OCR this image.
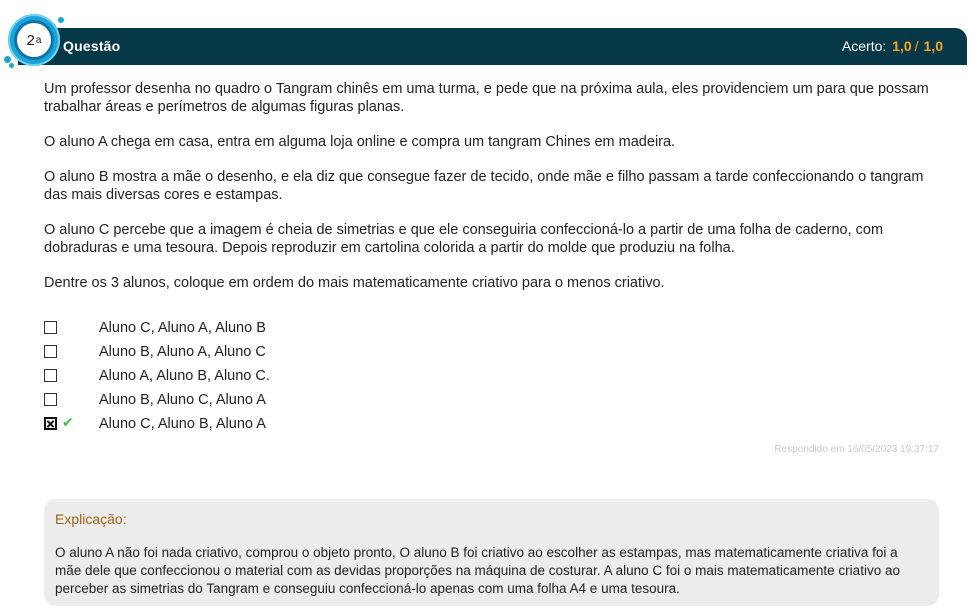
2 a Questão	Acerto: 1,0 / 1,0

Um professor desenha no quadro o Tangram chinês em uma turma, e pede que na próxima aula, eles providenciem um para que possam trabalhar áreas e perímetros de algumas figuras planas.

O aluno A chega em casa, entra em alguma loja online e compra um tangram Chines em madeira.

O aluno B mostra a mãe o desenho, e ela diz que consegue fazer de tecido, onde mãe e filho passam a tarde confeccionando o tangram das mais diversas cores e estampas.

O aluno C percebe que a imagem é cheia de simetrias e que ele conseguiria confeccioná-lo a partir de uma folha de caderno, com dobraduras e uma tesoura. Depois reproduzir em cartolina colorida a partir do molde que produziu na folha.

Dentre os 3 alunos, coloque em ordem do mais matematicamente criativo para o menos criativo.

Aluno C, Aluno A, Aluno B
Aluno B, Aluno A, Aluno C
Aluno A, Aluno B, Aluno C.
Aluno B, Aluno C, Aluno A
✔ Aluno C, Aluno B, Aluno A
Respondido em 16/05/2023 19:37:17
Explicação:
O aluno A não foi nada criativo, comprou o objeto pronto, O aluno B foi criativo ao escolher as estampas, mas matematicamente criativa foi a mãe dele que confeccionou o material com as devidas proporções na máquina de costurar. A aluno C foi o mais matematicamente criativo ao perceber as simetrias do Tangram e conseguiu confeccioná-lo apenas com uma folha A4 e uma tesoura.
